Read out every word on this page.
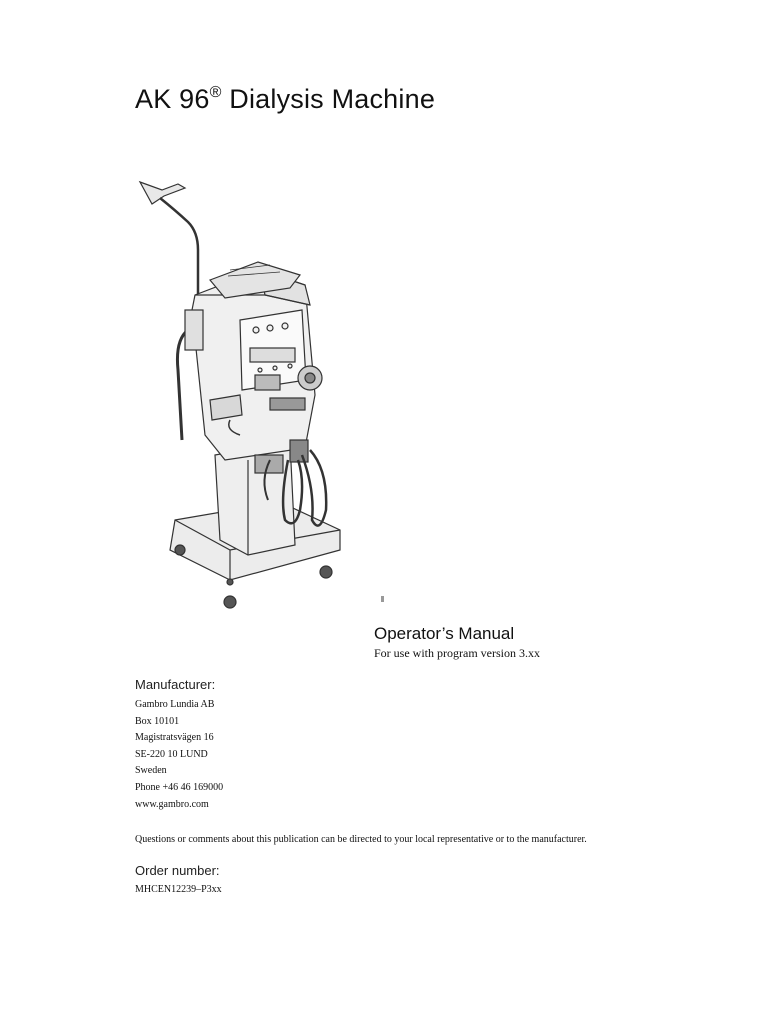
AK 96® Dialysis Machine
Operator’s Manual
For use with program version 3.xx
Manufacturer:
Gambro Lundia AB
Box 10101
Magistratsvägen 16
SE-220 10 LUND
Sweden
Phone +46 46 169000
www.gambro.com
Questions or comments about this publication can be directed to your local representative or to the manufacturer.
Order number:
MHCEN12239–P3xx
